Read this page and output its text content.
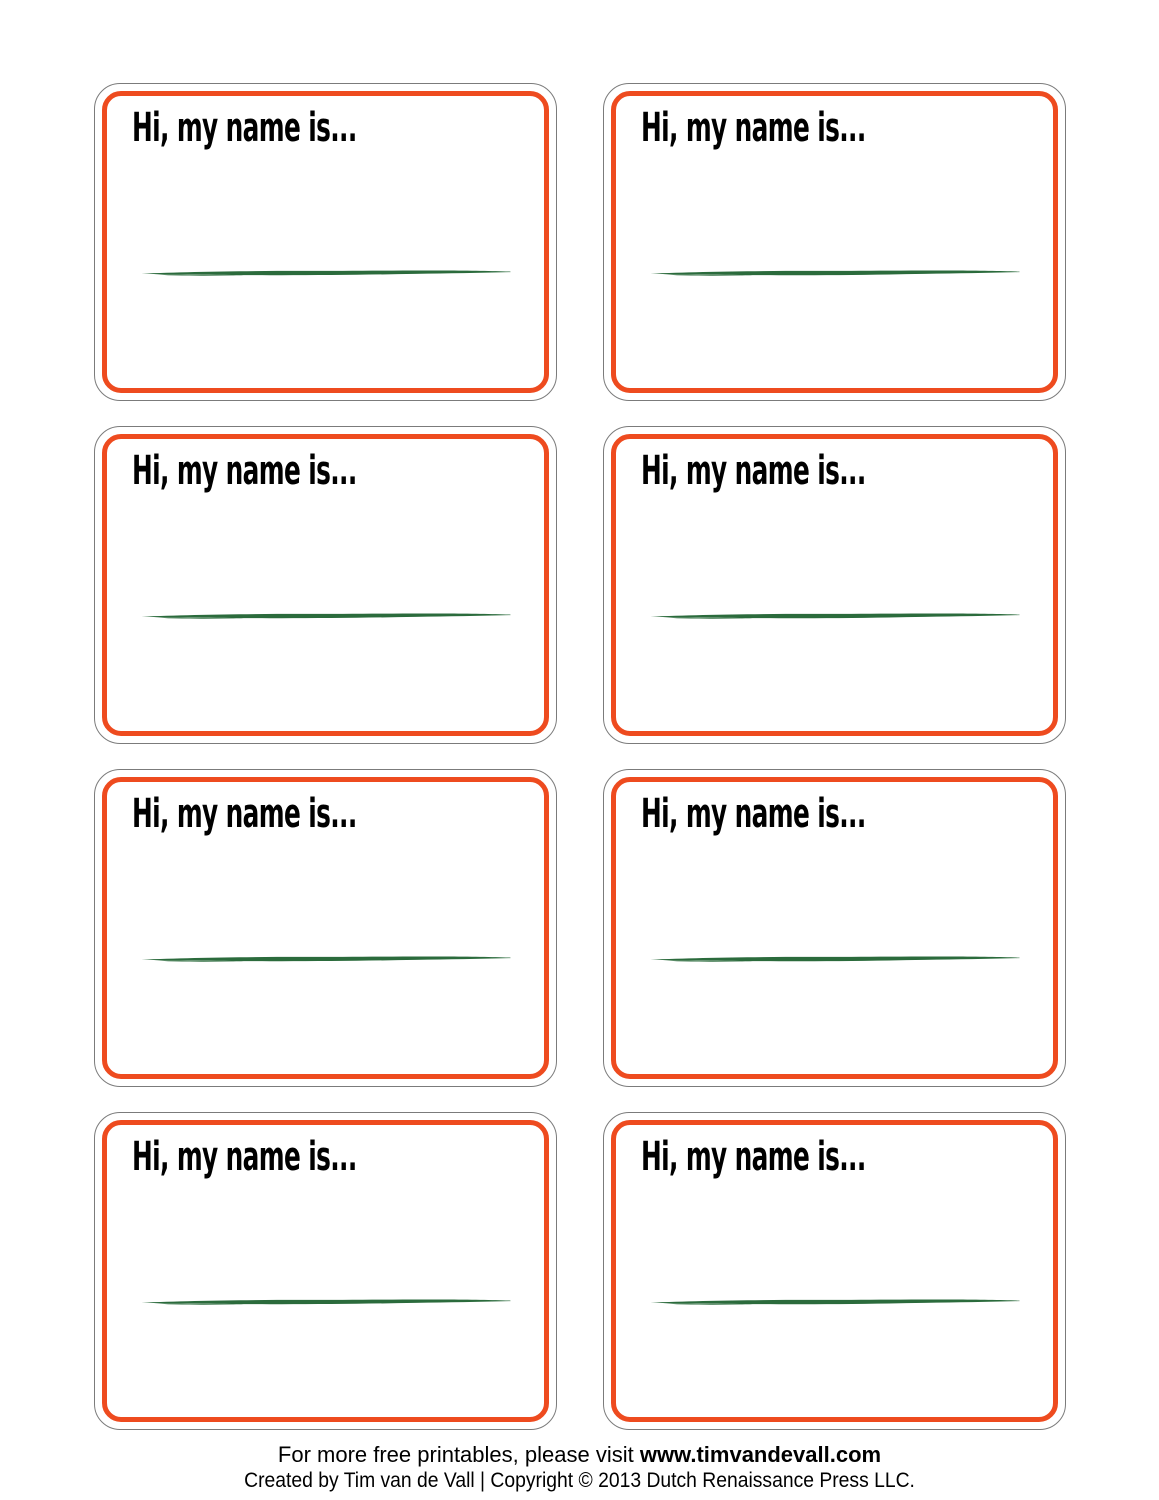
Hi, my name is...	Hi, my name is...
Hi, my name is...	Hi, my name is...
Hi, my name is...	Hi, my name is...
Hi, my name is...	Hi, my name is...
For more free printables, please visit www.timvandevall.com
Created by Tim van de Vall | Copyright © 2013 Dutch Renaissance Press LLC.
